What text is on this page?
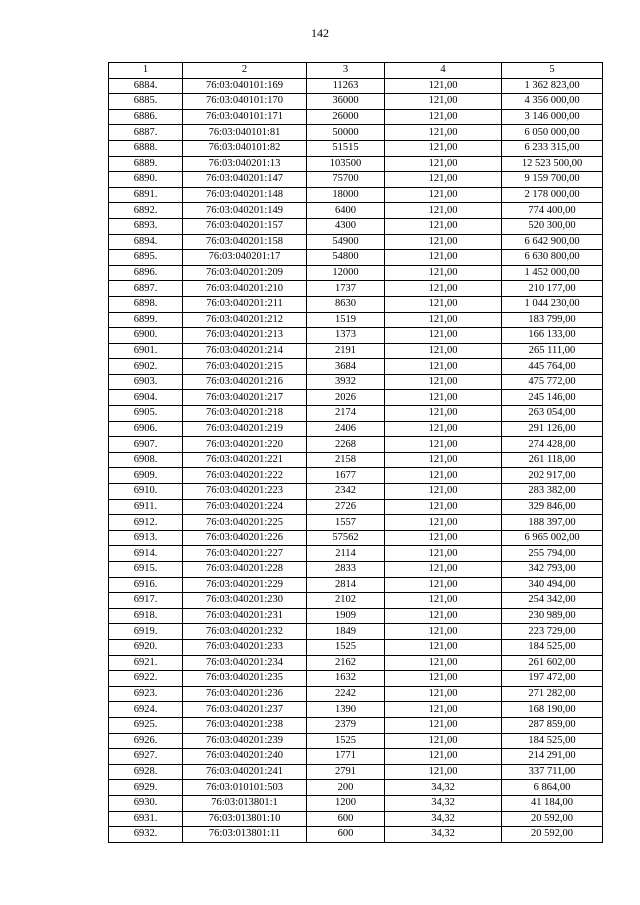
142
1	2	3	4	5
6884.	76:03:040101:169	11263	121,00	1 362 823,00
6885.	76:03:040101:170	36000	121,00	4 356 000,00
6886.	76:03:040101:171	26000	121,00	3 146 000,00
6887.	76:03:040101:81	50000	121,00	6 050 000,00
6888.	76:03:040101:82	51515	121,00	6 233 315,00
6889.	76:03:040201:13	103500	121,00	12 523 500,00
6890.	76:03:040201:147	75700	121,00	9 159 700,00
6891.	76:03:040201:148	18000	121,00	2 178 000,00
6892.	76:03:040201:149	6400	121,00	774 400,00
6893.	76:03:040201:157	4300	121,00	520 300,00
6894.	76:03:040201:158	54900	121,00	6 642 900,00
6895.	76:03:040201:17	54800	121,00	6 630 800,00
6896.	76:03:040201:209	12000	121,00	1 452 000,00
6897.	76:03:040201:210	1737	121,00	210 177,00
6898.	76:03:040201:211	8630	121,00	1 044 230,00
6899.	76:03:040201:212	1519	121,00	183 799,00
6900.	76:03:040201:213	1373	121,00	166 133,00
6901.	76:03:040201:214	2191	121,00	265 111,00
6902.	76:03:040201:215	3684	121,00	445 764,00
6903.	76:03:040201:216	3932	121,00	475 772,00
6904.	76:03:040201:217	2026	121,00	245 146,00
6905.	76:03:040201:218	2174	121,00	263 054,00
6906.	76:03:040201:219	2406	121,00	291 126,00
6907.	76:03:040201:220	2268	121,00	274 428,00
6908.	76:03:040201:221	2158	121,00	261 118,00
6909.	76:03:040201:222	1677	121,00	202 917,00
6910.	76:03:040201:223	2342	121,00	283 382,00
6911.	76:03:040201:224	2726	121,00	329 846,00
6912.	76:03:040201:225	1557	121,00	188 397,00
6913.	76:03:040201:226	57562	121,00	6 965 002,00
6914.	76:03:040201:227	2114	121,00	255 794,00
6915.	76:03:040201:228	2833	121,00	342 793,00
6916.	76:03:040201:229	2814	121,00	340 494,00
6917.	76:03:040201:230	2102	121,00	254 342,00
6918.	76:03:040201:231	1909	121,00	230 989,00
6919.	76:03:040201:232	1849	121,00	223 729,00
6920.	76:03:040201:233	1525	121,00	184 525,00
6921.	76:03:040201:234	2162	121,00	261 602,00
6922.	76:03:040201:235	1632	121,00	197 472,00
6923.	76:03:040201:236	2242	121,00	271 282,00
6924.	76:03:040201:237	1390	121,00	168 190,00
6925.	76:03:040201:238	2379	121,00	287 859,00
6926.	76:03:040201:239	1525	121,00	184 525,00
6927.	76:03:040201:240	1771	121,00	214 291,00
6928.	76:03:040201:241	2791	121,00	337 711,00
6929.	76:03:010101:503	200	34,32	6 864,00
6930.	76:03:013801:1	1200	34,32	41 184,00
6931.	76:03:013801:10	600	34,32	20 592,00
6932.	76:03:013801:11	600	34,32	20 592,00
